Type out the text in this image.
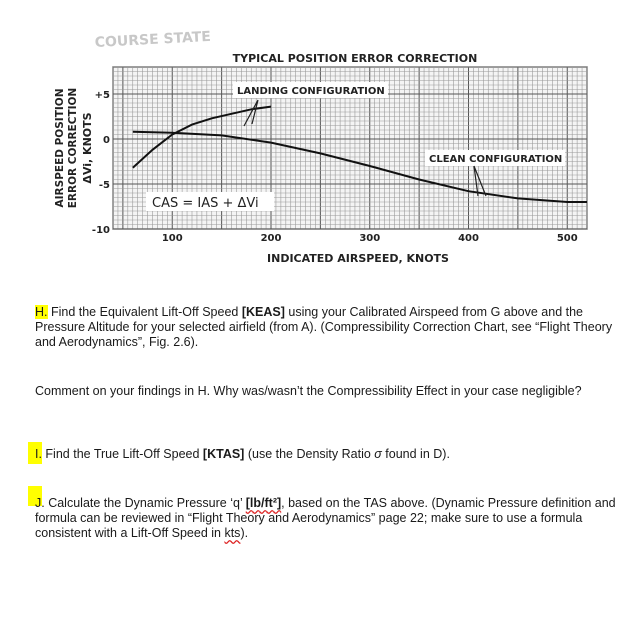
COURSE STATE
100	200	300	400	500
+5
0
-5
-10
TYPICAL POSITION ERROR CORRECTION
INDICATED AIRSPEED, KNOTS
AIRSPEED POSITION ERROR CORRECTION ΔVi, KNOTS
CAS = IAS + ΔVi
LANDING CONFIGURATION
CLEAN CONFIGURATION
H. Find the Equivalent Lift-Off Speed [KEAS] using your Calibrated Airspeed from G above and the Pressure Altitude for your selected airfield (from A). (Compressibility Correction Chart, see “Flight Theory and Aerodynamics”, Fig. 2.6).
Comment on your findings in H. Why was/wasn’t the Compressibility Effect in your case negligible?
I. Find the True Lift-Off Speed [KTAS] (use the Density Ratio σ found in D).
J. Calculate the Dynamic Pressure ‘q’ [lb/ft²], based on the TAS above. (Dynamic Pressure definition and formula can be reviewed in “Flight Theory and Aerodynamics” page 22; make sure to use a formula consistent with a Lift-Off Speed in kts).
